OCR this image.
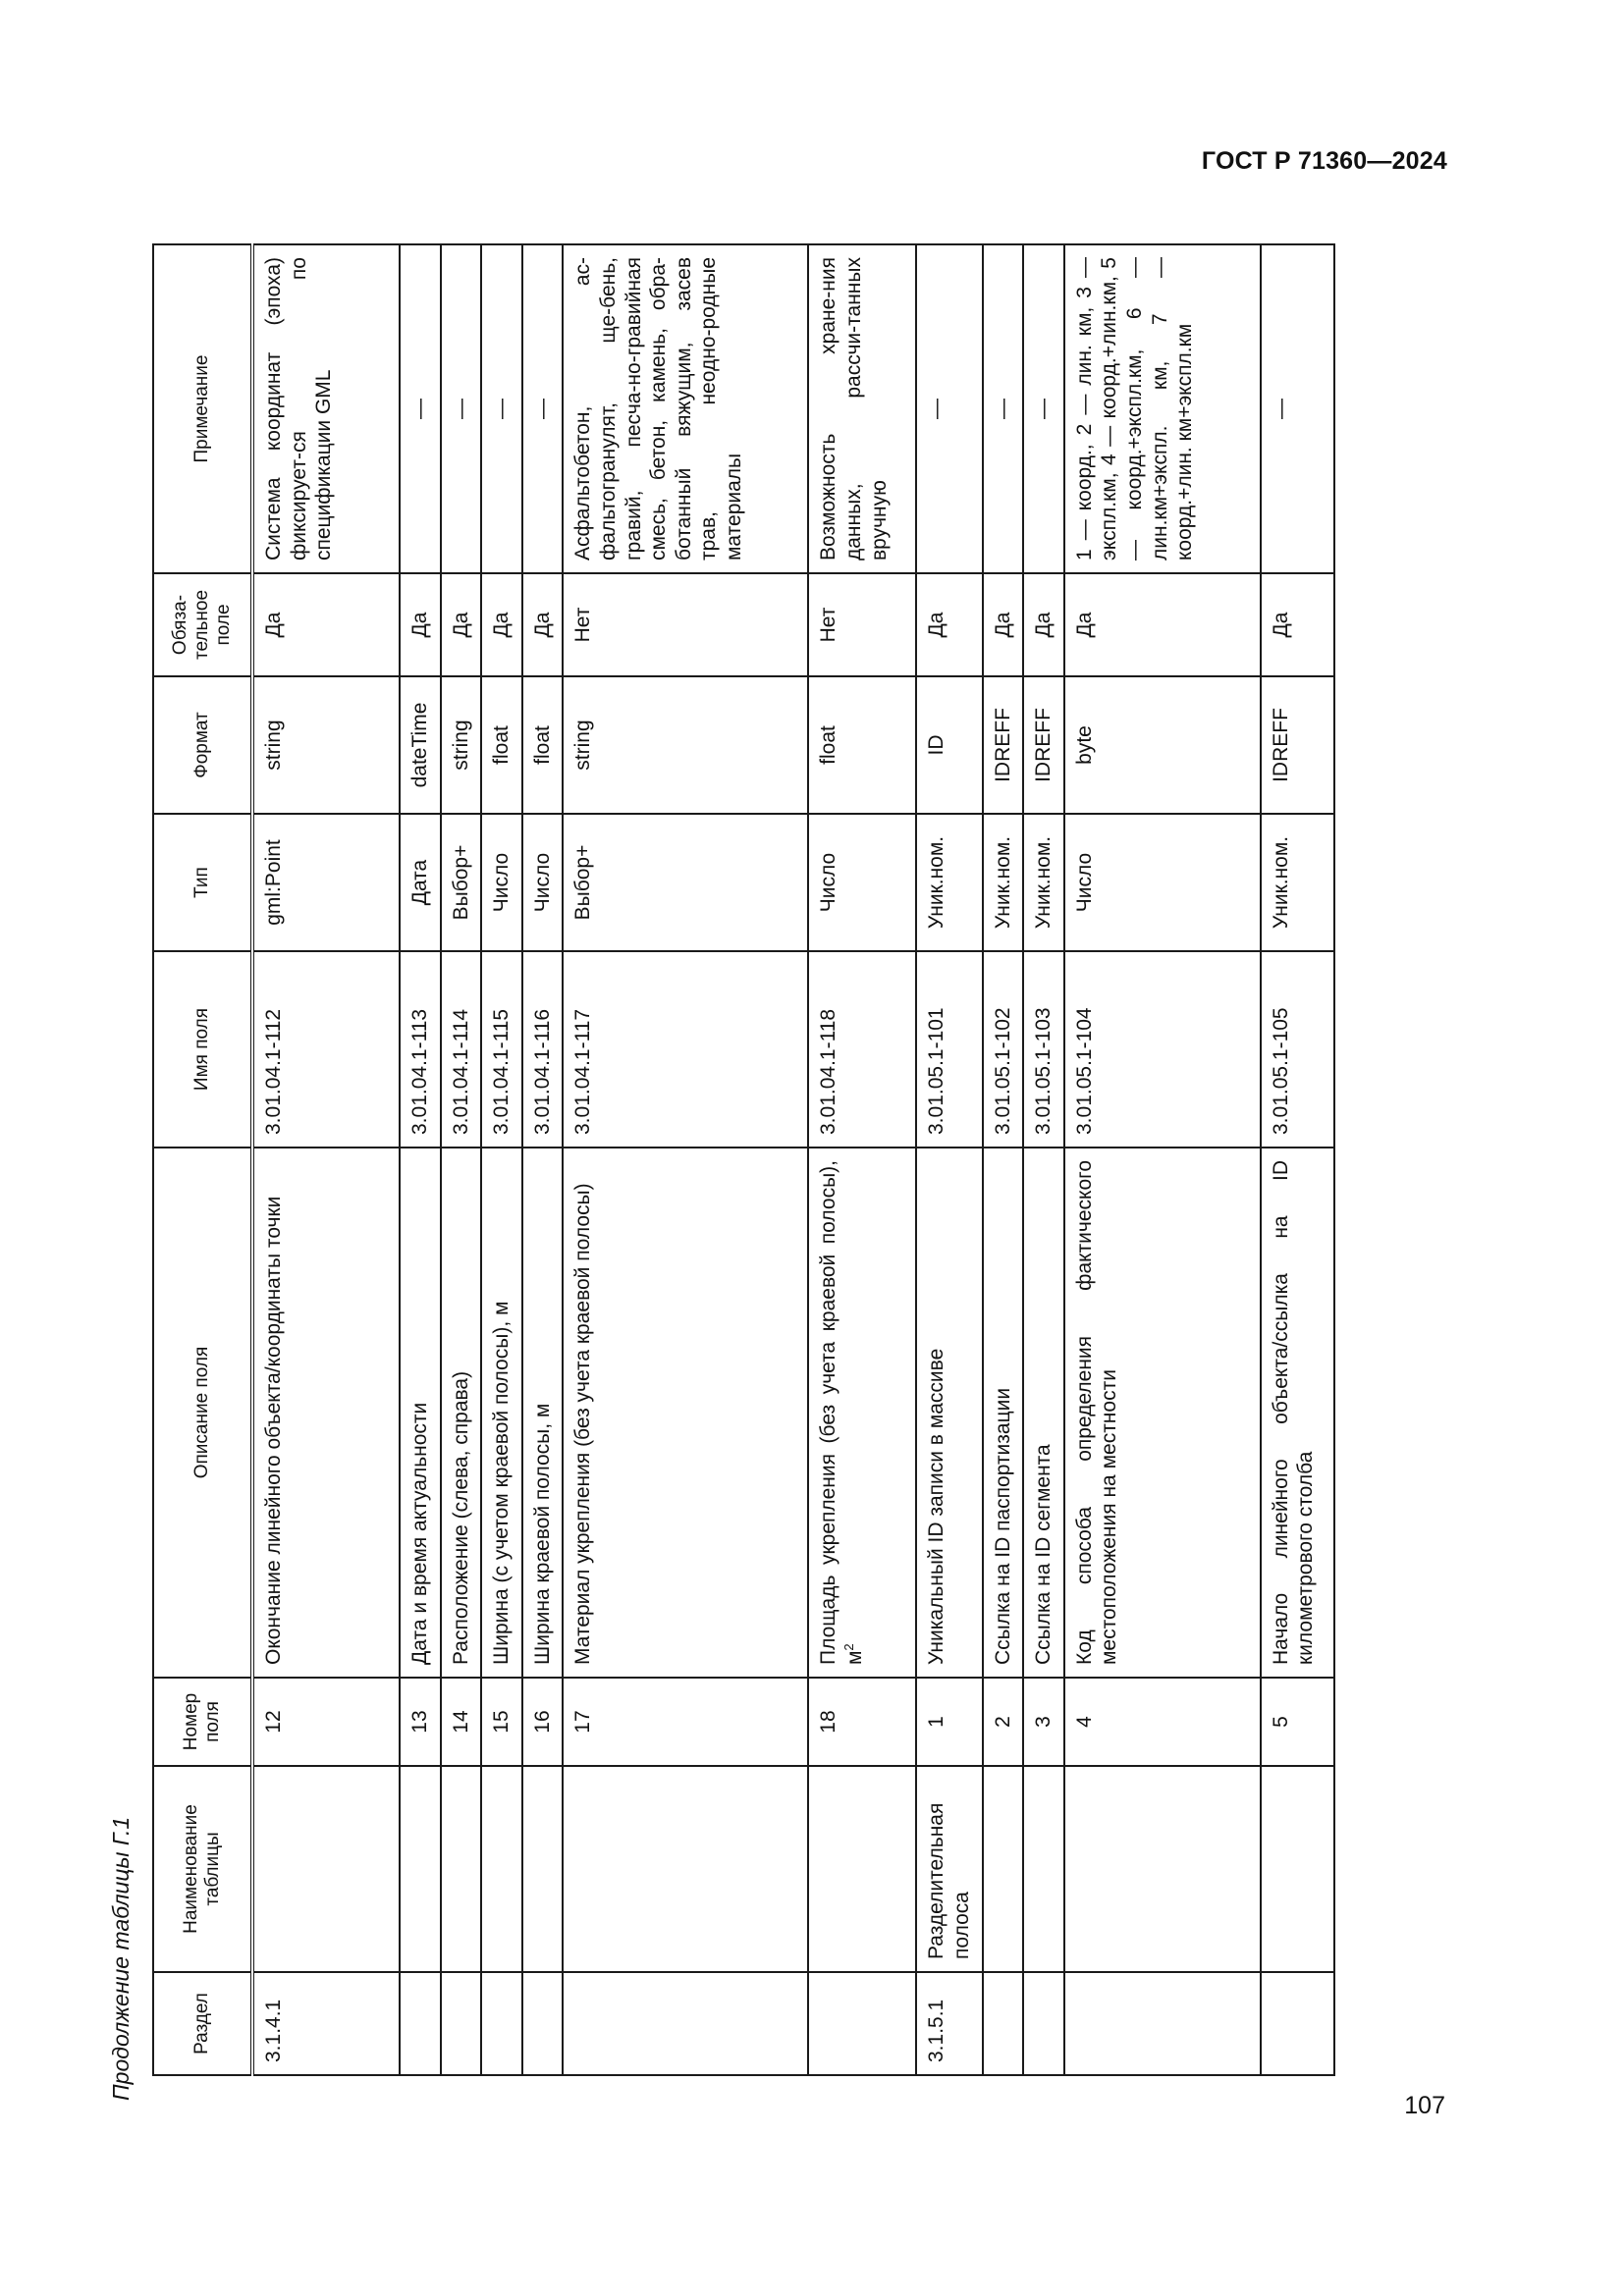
ГОСТ Р 71360—2024
107
Продолжение таблицы Г.1	Раздел	Наименование таблицы	Номер поля	Описание поля	Имя поля	Тип	Формат	Обяза-тельное поле	Примечание
3.1.4.1		12	Окончание линейного объекта/координаты точки	3.01.04.1-112	gml:Point	string	Да	Система координат (эпоха) фиксирует-ся по спецификации GML
		13	Дата и время актуальности	3.01.04.1-113	Дата	dateTime	Да	—
		14	Расположение (слева, справа)	3.01.04.1-114	Выбор+	string	Да	—
		15	Ширина (с учетом краевой полосы), м	3.01.04.1-115	Число	float	Да	—
		16	Ширина краевой полосы, м	3.01.04.1-116	Число	float	Да	—
		17	Материал укрепления (без учета краевой полосы)	3.01.04.1-117	Выбор+	string	Нет	Асфальтобетон, ас-фальтогранулят, ще-бень, гравий, песча-но-гравийная смесь, бетон, камень, обра-ботанный вяжущим, засев трав, неодно-родные материалы
		18	Площадь укрепления (без учета краевой полосы), $м^2$	3.01.04.1-118	Число	float	Нет	Возможность хране-ния данных, рассчи-танных вручную
3.1.5.1	Разделительная полоса	1	Уникальный ID записи в массиве	3.01.05.1-101	Уник.ном.	ID	Да	—
		2	Ссылка на ID паспортизации	3.01.05.1-102	Уник.ном.	IDREFF	Да	—
		3	Ссылка на ID сегмента	3.01.05.1-103	Уник.ном.	IDREFF	Да	—
		4	Код способа определения фактического местоположения на местности	3.01.05.1-104	Число	byte	Да	1 — коорд., 2 — лин. км, 3 — экспл.км, 4 — коорд.+лин.км, 5 — коорд.+экспл.км, 6 — лин.км+экспл. км, 7 — коорд.+лин. км+экспл.км
		5	Начало линейного объекта/ссылка на ID километрового столба	3.01.05.1-105	Уник.ном.	IDREFF	Да	—
